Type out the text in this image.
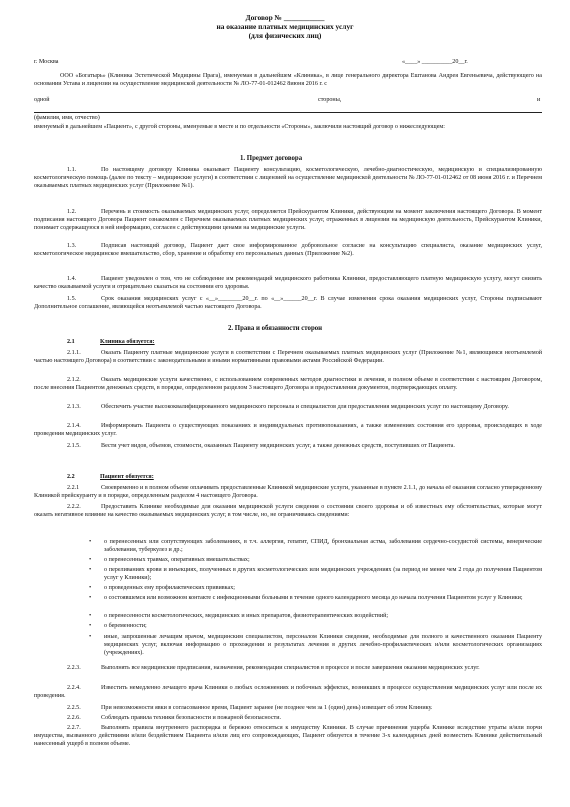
Договор № ___________
на оказание платных медицинских услуг
(для физических лиц)
г. Москва	«____» __________20__г.
ООО «Богатырь» (Клиника Эстетической Медицины Прага), именуемая в дальнейшем «Клиника», в лице генерального директора Ештанова Андрея Евгеньевича, действующего на основании Устава и лицензии на осуществление медицинской деятельности № ЛО-77-01-012462 8июня 2016 г. с
одной	стороны,	и
(фамилия, имя, отчество)
именуемый в дальнейшем «Пациент», с другой стороны, именуемые в месте и по отдельности «Стороны», заключили настоящий договор о нижеследующем:
1. Предмет договора
1.1.	По настоящему договору Клиника оказывает Пациенту консультацию, косметологическую, лечебно-диагностическую, медицинскую и специализированную косметологическую помощь (далее по тексту – медицинские услуги) в соответствии с лицензией на осуществление медицинской деятельности № ЛО-77-01-012462 от 08 июня 2016 г. и Перечнем оказываемых платных медицинских услуг (Приложение №1).
1.2.	Перечень и стоимость оказываемых медицинских услуг, определяется Прейскурантом Клиники, действующим на момент заключения настоящего Договора. В момент подписания настоящего Договора Пациент ознакомлен с Перечнем оказываемых платных медицинских услуг, отраженных в лицензии на медицинскую деятельность, Прейскурантом Клиники, понимает содержащуюся в ней информацию, согласен с действующими ценами на медицинские услуги.
1.3.	Подписав настоящий договор, Пациент дает свое информированное добровольное согласие на консультацию специалиста, оказание медицинских услуг, косметологическое медицинское вмешательство, сбор, хранение и обработку его персональных данных (Приложение №2).
1.4.	Пациент уведомлен о том, что не соблюдение им рекомендаций медицинского работника Клиники, предоставляющего платную медицинскую услугу, могут снизить качество оказываемой услуги и отрицательно сказаться на состоянии его здоровья.
1.5.	Срок оказания медицинских услуг с «__»________20__г. по «__»______20__г. В случае изменения срока оказания медицинских услуг, Стороны подписывают Дополнительное соглашение, являющейся неотъемлемой частью настоящего Договора.
2. Права и обязанности сторон
2.1	Клиника обязуется:
2.1.1.	Оказать Пациенту платные медицинские услуги в соответствии с Перечнем оказываемых платных медицинских услуг (Приложение №1, являющимся неотъемлемой частью настоящего Договора) в соответствии с законодательными и иными нормативными правовыми актами Российской Федерации.
2.1.2.	Оказать медицинские услуги качественно, с использованием современных методов диагностики и лечения, в полном объеме в соответствии с настоящим Договором, после внесения Пациентом денежных средств, в порядке, определенном разделом 3 настоящего Договора и предоставления документов, подтверждающих оплату.
2.1.3.	Обеспечить участие высококвалифицированного медицинского персонала и специалистов для предоставления медицинских услуг по настоящему Договору.
2.1.4.	Информировать Пациента о существующих показаниях и индивидуальных противопоказаниях, а также изменениях состояния его здоровья, происходящих в ходе проведения медицинских услуг.
2.1.5.	Вести учет видов, объемов, стоимости, оказанных Пациенту медицинских услуг, а также денежных средств, поступивших от Пациента.
2.2	Пациент обязуется:
2.2.1	Своевременно и в полном объеме оплачивать предоставленные Клиникой медицинские услуги, указанные в пункте 2.1.1, до начала её оказания согласно утвержденному Клиникой прейскуранту и в порядке, определенным разделом 4 настоящего Договора.
2.2.2.	Предоставить Клинике необходимые для оказания медицинской услуги сведения о состоянии своего здоровья и об известных ему обстоятельствах, которые могут оказать негативное влияние на качество оказываемых медицинских услуг, в том числе, но, не ограничиваясь сведениями:
• о перенесенных или сопутствующих заболеваниях, в т.ч. аллергия, гепатит, СПИД, бронхиальная астма, заболевания сердечно-сосудистой системы, венерические заболевания, туберкулез и др.;
• о перенесенных травмах, оперативных вмешательствах;
• о переливаниях крови и инъекциях, полученных в других косметологических или медицинских учреждениях (за период не менее чем 2 года до получения Пациентом услуг у Клиники);
• о проведенных ему профилактических прививках;
• о состоявшемся или возможном контакте с инфекционными больными в течение одного календарного месяца до начала получения Пациентом услуг у Клиники;
• о перенесенности косметологических, медицинских и иных препаратов, физиотерапевтических воздействий;
• о беременности;
• иные, запрошенные лечащим врачом, медицинским специалистом, персоналом Клиники сведения, необходимые для полного и качественного оказания Пациенту медицинских услуг, включая информацию о прохождении и результатах лечения в других лечебно-профилактических и/или косметологических организациях (учреждениях).
2.2.3.	Выполнять все медицинские предписания, назначения, рекомендации специалистов в процессе и после завершения оказания медицинских услуг.
2.2.4.	Известить немедленно лечащего врача Клиники о любых осложнениях и побочных эффектах, возникших в процессе осуществления медицинских услуг или после их проведения.
2.2.5.	При невозможности явки в согласованное время, Пациент заранее (не позднее чем за 1 (один) день) извещает об этом Клинику.
2.2.6.	Соблюдать правила техники безопасности и пожарной безопасности.
2.2.7.	Выполнять правила внутреннего распорядка и бережно относиться к имуществу Клиники. В случае причинения ущерба Клинике вследствие утраты и/или порчи имущества, вызванного действиями и/или бездействием Пациента и/или лиц его сопровождающих, Пациент обязуется в течение 3-х календарных дней возместить Клинике действительный нанесенный ущерб в полном объеме.
